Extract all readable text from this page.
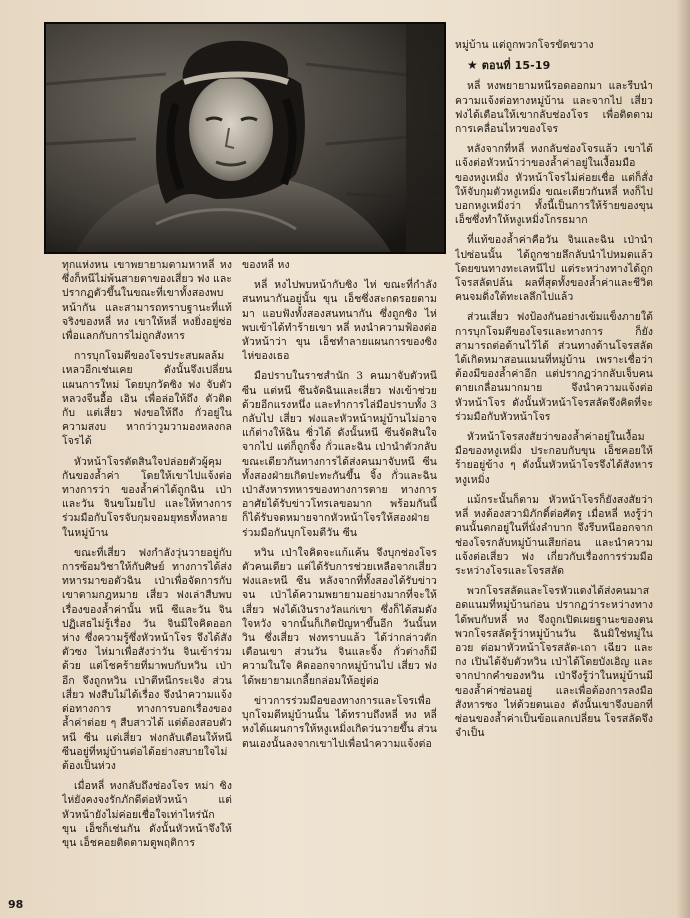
ทุกแห่งหน เขาพยายามตามหาหลี่ หง ซึ่งก็หนีไม่พ้นสายตาของเสี่ยว ฟง และปรากฏตัวขึ้นในขณะที่เขาทั้งสองพบหน้ากัน และสามารถทราบฐานะที่แท้จริงของหลี่ หง เขาให้หลี่ หงยิ่งอยู่ซ่อ เพื่อแลกกับการไม่ถูกสังหาร

การบุกโจมตีของโจรประสบผลล้มเหลวอีกเช่นเคย ดังนั้นจึงเปลี่ยนแผนการใหม่ โดยบุกวัดซิง ฟง จับตัวหลวงจีนอื้อ เอิน เพื่อล่อให้ถึง ตัวติดกับ แต่เสี่ยว ฟงขอให้ถึง กั่วอยู่ในความสงบ หากว่าวูมวามองหลงกลโจรได้

หัวหน้าโจรตัดสินใจปล่อยตัวผู้คุมกันของล้ำค่า โดยให้เขาไปแจ้งต่อทางการว่า ของล้ำค่าได้ถูกฉิน เป่าและวัน จินขโมยไป และให้ทางการร่วมมือกับโจรจับกุมจอมยุทธทั้งหลายในหมู่บ้าน

ขณะที่เสี่ยว ฟงกำลังวุ่นวายอยู่กับการซ้อมวิชาให้กับศิษย์ ทางการได้ส่งทหารมาขอตัวฉิน เป่าเพื่อจัดการกับเขาตามกฎหมาย เสี่ยว ฟงเล่าสืบพบเรื่องของล้ำค่านั้น หนี ซีและวัน จินปฏิเสธไม่รู้เรื่อง วัน จินมีใจคิดออกห่าง ซึ่งความรู้ซึ่งหัวหน้าโจร จึงได้สังตัวซง ไห่มาเพื่อสังว่าวัน จินเข้าร่วมด้วย แต่โชคร้ายที่มาพบกับหวิน เป่าอีก จึงถูกหวิน เป่าตีหนีกระเจิง ส่วนเสี่ยว ฟงสืบไม่ได้เรื่อง จึงนำความแจ้งต่อทางการ ทางการบอกเรื่องของล้ำค่าต่อย ๆ สืบสาวได้ แต่ต้องสอบตัวหนี ซีน แต่เสี่ยว ฟงกลับเตือนให้หนี ซีนอยู่ที่หมู่บ้านต่อได้อย่างสบายใจไม่ต้องเป็นห่วง

เมื่อหลี่ หงกลับถึงช่องโจร หม่า ซิง ไห่ยังคงจงรักภักดีต่อหัวหน้า แต่หัวหน้ายังไม่ค่อยเชื่อใจเท่าไหร่นัก ขุน เอ็ชก็เช่นกัน ดังนั้นหัวหน้าจึงให้ขุน เอ็ชคอยติดตามดูพฤติการ

ของหลี่ หง

หลี่ หงไปพบหน้ากับซิง ไห่ ขณะที่กำลังสนทนากันอยู่นั้น ขุน เอ็ชซึ่งสะกดรอยตามมา แอบฟังทั้งสองสนทนากัน ซึ่งถูกซิง ไห่พบเข้าได้ทำร้ายเขา หลี่ หงนำความฟ้องต่อหัวหน้าว่า ขุน เอ็ชทำลายแผนการของซิง ไห่ของเธอ

มือปราบในราชสำนัก 3 คนมาจับตัวหนีซีน แต่หนี ซีนจัดฉินและเสี่ยว ฟงเข้าช่วยด้วยอีกแรงหนึ่ง และทำการไล่มือปราบทั้ง 3 กลับไป เสี่ยว ฟงและหัวหน้าหมู่บ้านไม่อาจแก้ต่างให้ฉิน ซิ่วได้ ดังนั้นหนี ซีนจัดสินใจจากไป แต่ก็ถูกจิ้ง กั่วและฉิน เป่านำตัวกลับ ขณะเดียวกันทางการได้ส่งคนมาจับหนี ซีน ทั้งสองฝ่ายเกิดปะทะกันขึ้น จิ้ง กั่วและฉิน เป่าสังหารทหารของทางการตาย ทางการอาศัยได้รับข่าวโทรเลขอมาก พร้อมกันนี้ก็ได้รับจดหมายจากหัวหน้าโจรให้สองฝ่ายร่วมมือกันบุกโจมตีวัน ซีน

หวิน เป่าใจคิดจะแก้แค้น จึงบุกช่องโจรตัวคนเดียว แต่ได้รับการช่วยเหลือจากเสี่ยว ฟงและหนี ซีน หลังจากที่ทั้งสองได้รับข่าว จน เป่าได้ความพยายามอย่างมากที่จะให้เสี่ยว ฟงได้เงินรางวัลแก่เขา ซึ่งก็ได้สมดังใจหวัง จากนั้นก็เกิดปัญหาขึ้นอีก วันนั้นหวิน ซึ่งเสี่ยว ฟงทราบแล้ว ได้ว่ากล่าวตักเตือนเขา ส่วนวัน จินและจิ้ง กั่วต่างก็มีความในใจ คิดออกจากหมู่บ้านไป เสี่ยว ฟงได้พยายามเกลี้ยกล่อมให้อยู่ต่อ

ข่าวการร่วมมือของทางการและโจรเพื่อบุกโจมตีหมู่บ้านนั้น ได้ทราบถึงหลี่ หง หลี่ หงได้แผนการให้หงูเหมิ่งเกิดว่นวายขึ้น ส่วนตนเองนั้นลงจากเขาไปเพื่อนำความแจ้งต่อ

หมู่บ้าน แต่ถูกพวกโจรขัดขวาง

★ ตอนที่ 15-19

หลี่ หงพยายามหนีรอดออกมา และรีบนำความแจ้งต่อทางหมู่บ้าน และจากไป เสี่ยว ฟงได้เตือนให้เขากลับช่องโจร เพื่อติดตามการเคลื่อนไหวของโจร

หลังจากที่หลี่ หงกลับช่องโจรแล้ว เขาได้แจ้งต่อหัวหน้าว่าของล้ำค่าอยู่ในเงื้อมมือของหงูเหมิ่ง หัวหน้าโจรไม่ค่อยเชื่อ แต่ก็สั่งให้จับกุมตัวหงูเหมิ่ง ขณะเดียวกันหลี่ หงก็ไปบอกหงูเหมิ่งว่า ทั้งนี้เป็นการให้ร้ายของขุน เอ็ชซึ่งทำให้หงูเหมิ่งโกรธมาก

ที่แท้ของล้ำค่าคือวัน จินและฉิน เป่านำไปซ่อนนั้น ได้ถูกชายลึกลับนำไปหมดแล้ว โดยขนทางทะเลหนีไป แต่ระหว่างทางได้ถูกโจรสลัดปล้น ผลที่สุดทั้งของล้ำค่าและชีวิตคนจมดิ่งใต้ทะเลลึกไปแล้ว

ส่วนเสี่ยว ฟงป้องกันอย่างเข้มแข็งภายใต้การบุกโจมตีของโจรและทางการ ก็ยังสามารถต่อต้านไว้ได้ ส่วนทางด้านโจรสลัดได้เกิดหมาสอนแมนที่หมู่บ้าน เพราะเชื่อว่าต้องมีของล้ำค่าอีก แต่ปรากฏว่ากลับเจ็บคนตายเกลื่อนมากมาย จึงนำความแจ้งต่อหัวหน้าโจร ดังนั้นหัวหน้าโจรสลัดจึงคิดที่จะร่วมมือกับหัวหน้าโจร

หัวหน้าโจรสงสัยว่าของล้ำค่าอยู่ในเงื้อมมือของหงูเหมิ่ง ประกอบกับขุน เอ็ชคอยให้ร้ายอยู่ข้าง ๆ ดังนั้นหัวหน้าโจรจึงได้สังหารหงูเหมิ่ง

แม้กระนั้นก็ตาม หัวหน้าโจรก็ยังสงสัยว่า หลี่ หงต้องสวามิภักดิ์ต่อศัตรู เมื่อหลี่ หงรู้ว่าตนนั้นตกอยู่ในที่นั่งลำบาก จึงรีบหนีออกจากช่องโจรกลับหมู่บ้านเสียก่อน และนำความแจ้งต่อเสี่ยว ฟง เกี่ยวกับเรื่องการร่วมมือระหว่างโจรและโจรสลัด

พวกโจรสลัดและโจรหัวแดงได้ส่งคนมาสอดแนมที่หมู่บ้านก่อน ปรากฏว่าระหว่างทางได้พบกับหลี่ หง จึงถูกเปิดเผยฐานะของตน พวกโจรสลัดรู้ว่าหมู่บ้านวัน ฉินมิใช่หมู่ในอวย ต่อมาหัวหน้าโจรสลัด-เถา เฉียว และกง เปินได้จับตัวหวิน เป่าได้โดยบังเอิญ และจากปากคำของหวิน เป่าจึงรู้ว่าในหมู่บ้านมีของล้ำค่าซ่อนอยู่ และเพื่อต้องการลงมือสังหารซง ไห่ด้วยตนเอง ดังนั้นเขาจึงบอกที่ซ่อนของล้ำค่าเป็นข้อแลกเปลี่ยน โจรสลัดจึงจำเป็น

98
